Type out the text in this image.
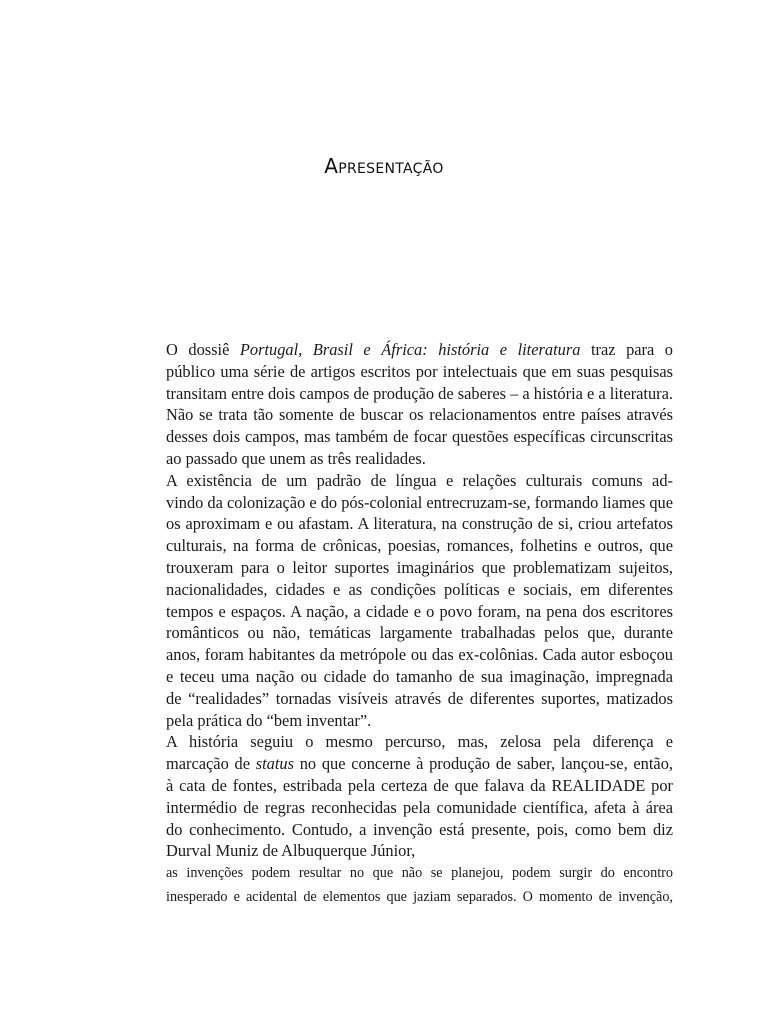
Apresentação

O dossiê Portugal, Brasil e África: história e literatura traz para o
público uma série de artigos escritos por intelectuais que em suas pesquisas
transitam entre dois campos de produção de saberes – a história e a literatura.
Não se trata tão somente de buscar os relacionamentos entre países através
desses dois campos, mas também de focar questões específicas circunscritas
ao passado que unem as três realidades.

A existência de um padrão de língua e relações culturais comuns ad-
vindo da colonização e do pós-colonial entrecruzam-se, formando liames que
os aproximam e ou afastam. A literatura, na construção de si, criou artefatos
culturais, na forma de crônicas, poesias, romances, folhetins e outros, que
trouxeram para o leitor suportes imaginários que problematizam sujeitos,
nacionalidades, cidades e as condições políticas e sociais, em diferentes
tempos e espaços. A nação, a cidade e o povo foram, na pena dos escritores
românticos ou não, temáticas largamente trabalhadas pelos que, durante
anos, foram habitantes da metrópole ou das ex-colônias. Cada autor esboçou
e teceu uma nação ou cidade do tamanho de sua imaginação, impregnada
de “realidades” tornadas visíveis através de diferentes suportes, matizados
pela prática do “bem inventar”.

A história seguiu o mesmo percurso, mas, zelosa pela diferença e
marcação de status no que concerne à produção de saber, lançou-se, então,
à cata de fontes, estribada pela certeza de que falava da REALIDADE por
intermédio de regras reconhecidas pela comunidade científica, afeta à área
do conhecimento. Contudo, a invenção está presente, pois, como bem diz
Durval Muniz de Albuquerque Júnior,

as invenções podem resultar no que não se planejou, podem surgir do encontro
inesperado e acidental de elementos que jaziam separados. O momento de invenção,
